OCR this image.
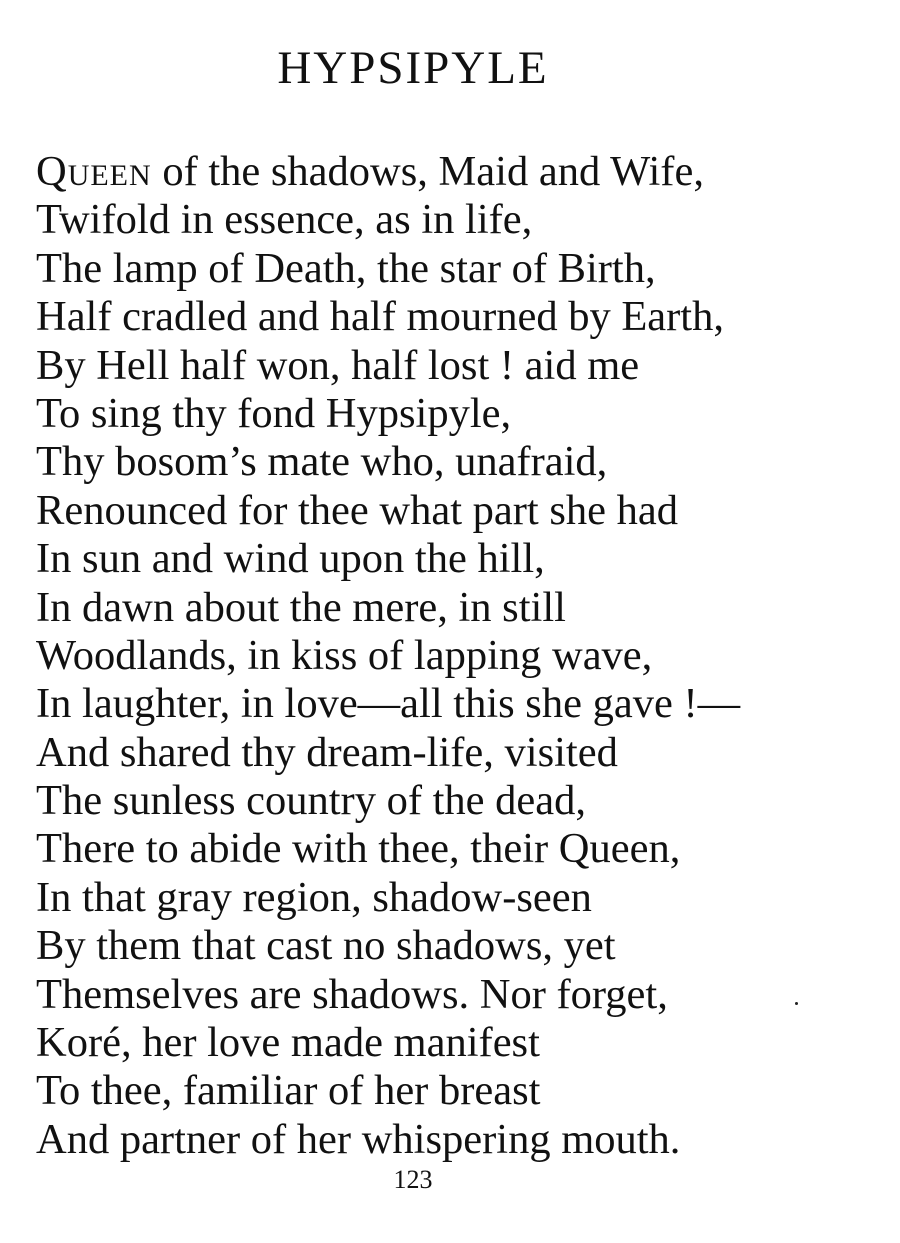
HYPSIPYLE
Queen of the shadows, Maid and Wife,
Twifold in essence, as in life,
The lamp of Death, the star of Birth,
Half cradled and half mourned by Earth,
By Hell half won, half lost ! aid me
To sing thy fond Hypsipyle,
Thy bosom’s mate who, unafraid,
Renounced for thee what part she had
In sun and wind upon the hill,
In dawn about the mere, in still
Woodlands, in kiss of lapping wave,
In laughter, in love—all this she gave !—
And shared thy dream-life, visited
The sunless country of the dead,
There to abide with thee, their Queen,
In that gray region, shadow-seen
By them that cast no shadows, yet
Themselves are shadows. Nor forget,
Koré, her love made manifest
To thee, familiar of her breast
And partner of her whispering mouth.
123
